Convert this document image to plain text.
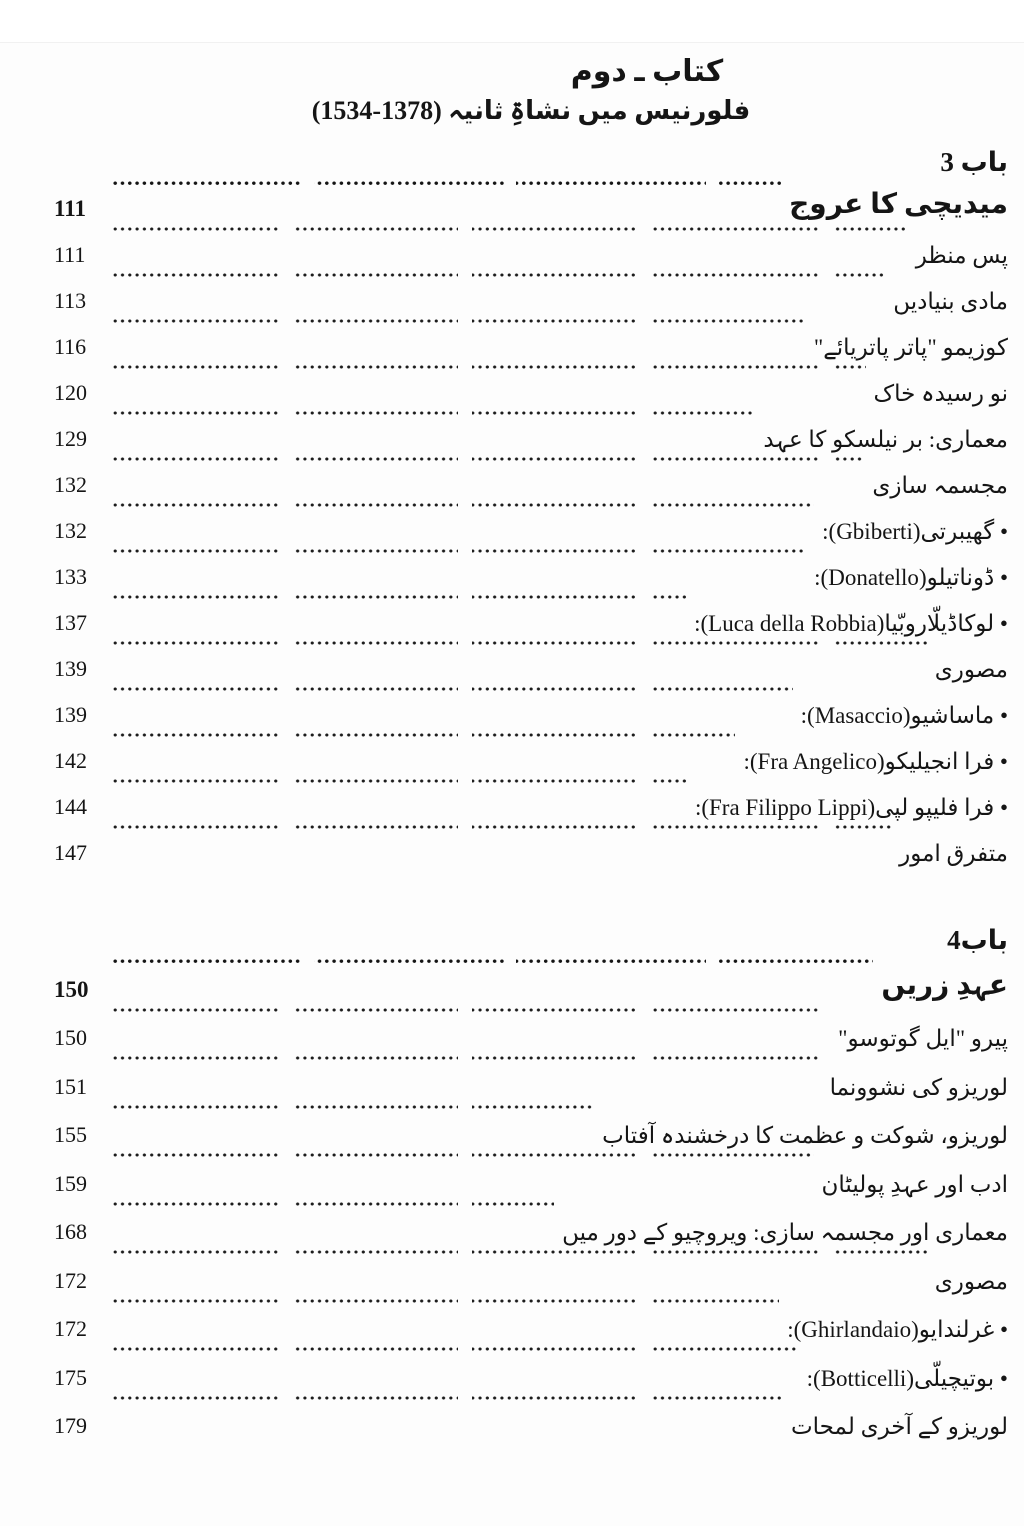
کتاب ـ دوم
فلورنیس میں نشاۃِ ثانیہ (1378-1534)
باب 3
میدیچی کا عروج
111
پس منظر
111
مادی بنیادیں
113
کوزیمو "پاتر پاتریائے"
116
نو رسیدہ خاک
120
معماری: بر نیلسکو کا عہد
129
مجسمہ سازی
132
• گھیبرتی(Gbiberti):
132
• ڈوناتیلو(Donatello):
133
• لوکاڈیلّاروبّیا(Luca della Robbia):
137
مصوری
139
• ماساشیو(Masaccio):
139
• فرا انجیلیکو(Fra Angelico):
142
• فرا فلیپو لپی(Fra Filippo Lippi):
144
متفرق امور
147
باب4
عہدِ زریں
150
پیرو "ایل گوتوسو"
150
لوریزو کی نشوونما
151
لوریزو، شوکت و عظمت کا درخشندہ آفتاب
155
ادب اور عہدِ پولیٹان
159
معماری اور مجسمہ سازی: ویروچیو کے دور میں
168
مصوری
172
• غرلندایو(Ghirlandaio):
172
• بوتیچیلّی(Botticelli):
175
لوریزو کے آخری لمحات
179
